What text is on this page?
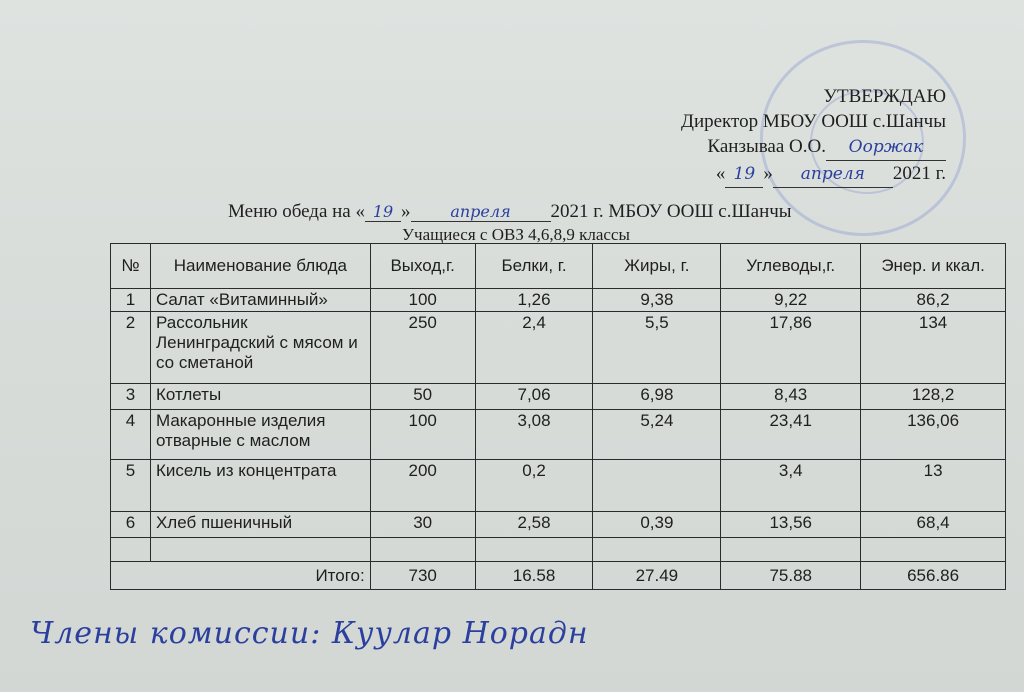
УТВЕРЖДАЮ
Директор МБОУ ООШ с.Шанчы
Канзываа О.О. Ооржак
« 19 » апреля 2021 г.
Меню обеда на « 19 » апреля 2021 г. МБОУ ООШ с.Шанчы
Учащиеся с ОВЗ 4,6,8,9 классы
№	Наименование блюда	Выход,г.	Белки, г.	Жиры, г.	Углеводы,г.	Энер. и ккал.
1	Салат «Витаминный»	100	1,26	9,38	9,22	86,2
2	Рассольник Ленинградский с мясом и со сметаной	250	2,4	5,5	17,86	134
3	Котлеты	50	7,06	6,98	8,43	128,2
4	Макаронные изделия отварные с маслом	100	3,08	5,24	23,41	136,06
5	Кисель из концентрата	200	0,2		3,4	13
6	Хлеб пшеничный	30	2,58	0,39	13,56	68,4

Итого:		730	16.58	27.49	75.88	656.86
Члены комиссии: Куулар Норадн
